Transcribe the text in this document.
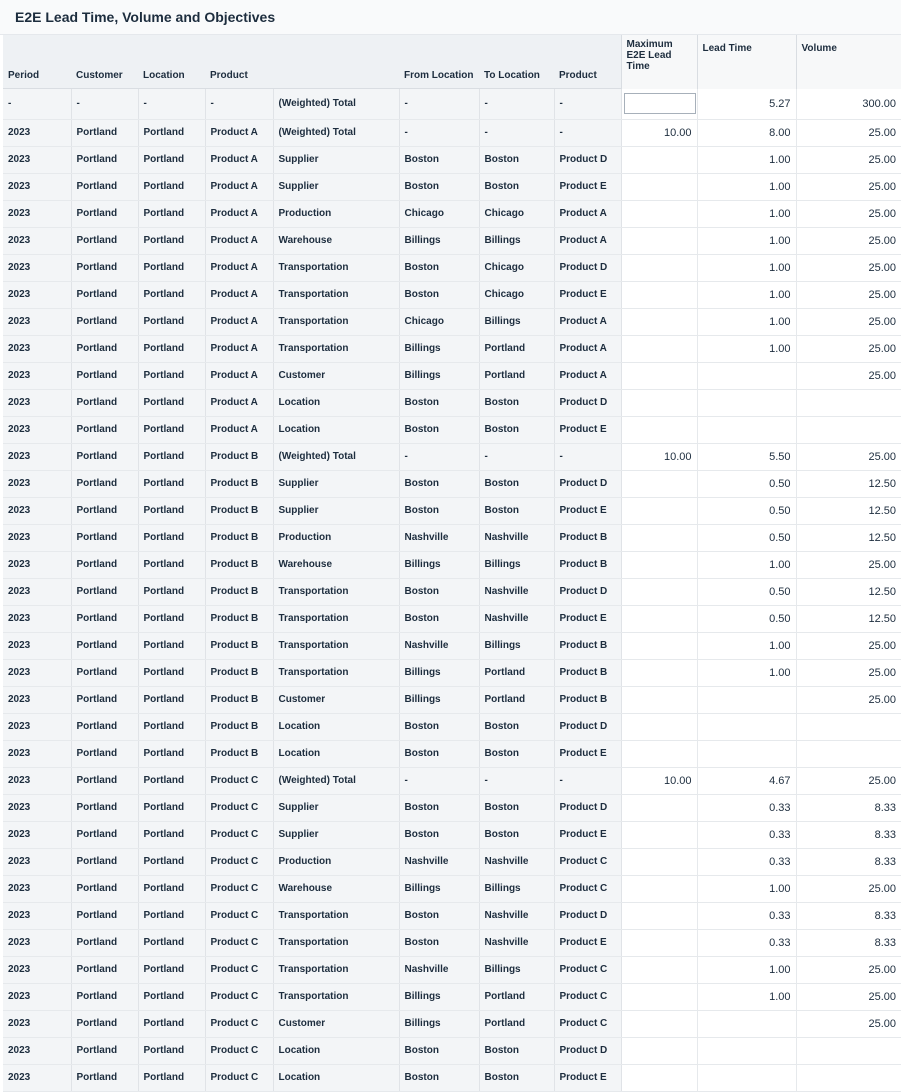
E2E Lead Time, Volume and Objectives
								Maximum E2E Lead Time	Lead Time	Volume
Period	Customer	Location	Product		From Location	To Location	Product			
-	-	-	-	(Weighted) Total	-	-	-		5.27	300.00
2023	Portland	Portland	Product A	(Weighted) Total	-	-	-	10.00	8.00	25.00
2023	Portland	Portland	Product A	Supplier	Boston	Boston	Product D		1.00	25.00
2023	Portland	Portland	Product A	Supplier	Boston	Boston	Product E		1.00	25.00
2023	Portland	Portland	Product A	Production	Chicago	Chicago	Product A		1.00	25.00
2023	Portland	Portland	Product A	Warehouse	Billings	Billings	Product A		1.00	25.00
2023	Portland	Portland	Product A	Transportation	Boston	Chicago	Product D		1.00	25.00
2023	Portland	Portland	Product A	Transportation	Boston	Chicago	Product E		1.00	25.00
2023	Portland	Portland	Product A	Transportation	Chicago	Billings	Product A		1.00	25.00
2023	Portland	Portland	Product A	Transportation	Billings	Portland	Product A		1.00	25.00
2023	Portland	Portland	Product A	Customer	Billings	Portland	Product A			25.00
2023	Portland	Portland	Product A	Location	Boston	Boston	Product D			
2023	Portland	Portland	Product A	Location	Boston	Boston	Product E			
2023	Portland	Portland	Product B	(Weighted) Total	-	-	-	10.00	5.50	25.00
2023	Portland	Portland	Product B	Supplier	Boston	Boston	Product D		0.50	12.50
2023	Portland	Portland	Product B	Supplier	Boston	Boston	Product E		0.50	12.50
2023	Portland	Portland	Product B	Production	Nashville	Nashville	Product B		0.50	12.50
2023	Portland	Portland	Product B	Warehouse	Billings	Billings	Product B		1.00	25.00
2023	Portland	Portland	Product B	Transportation	Boston	Nashville	Product D		0.50	12.50
2023	Portland	Portland	Product B	Transportation	Boston	Nashville	Product E		0.50	12.50
2023	Portland	Portland	Product B	Transportation	Nashville	Billings	Product B		1.00	25.00
2023	Portland	Portland	Product B	Transportation	Billings	Portland	Product B		1.00	25.00
2023	Portland	Portland	Product B	Customer	Billings	Portland	Product B			25.00
2023	Portland	Portland	Product B	Location	Boston	Boston	Product D			
2023	Portland	Portland	Product B	Location	Boston	Boston	Product E			
2023	Portland	Portland	Product C	(Weighted) Total	-	-	-	10.00	4.67	25.00
2023	Portland	Portland	Product C	Supplier	Boston	Boston	Product D		0.33	8.33
2023	Portland	Portland	Product C	Supplier	Boston	Boston	Product E		0.33	8.33
2023	Portland	Portland	Product C	Production	Nashville	Nashville	Product C		0.33	8.33
2023	Portland	Portland	Product C	Warehouse	Billings	Billings	Product C		1.00	25.00
2023	Portland	Portland	Product C	Transportation	Boston	Nashville	Product D		0.33	8.33
2023	Portland	Portland	Product C	Transportation	Boston	Nashville	Product E		0.33	8.33
2023	Portland	Portland	Product C	Transportation	Nashville	Billings	Product C		1.00	25.00
2023	Portland	Portland	Product C	Transportation	Billings	Portland	Product C		1.00	25.00
2023	Portland	Portland	Product C	Customer	Billings	Portland	Product C			25.00
2023	Portland	Portland	Product C	Location	Boston	Boston	Product D			
2023	Portland	Portland	Product C	Location	Boston	Boston	Product E			
